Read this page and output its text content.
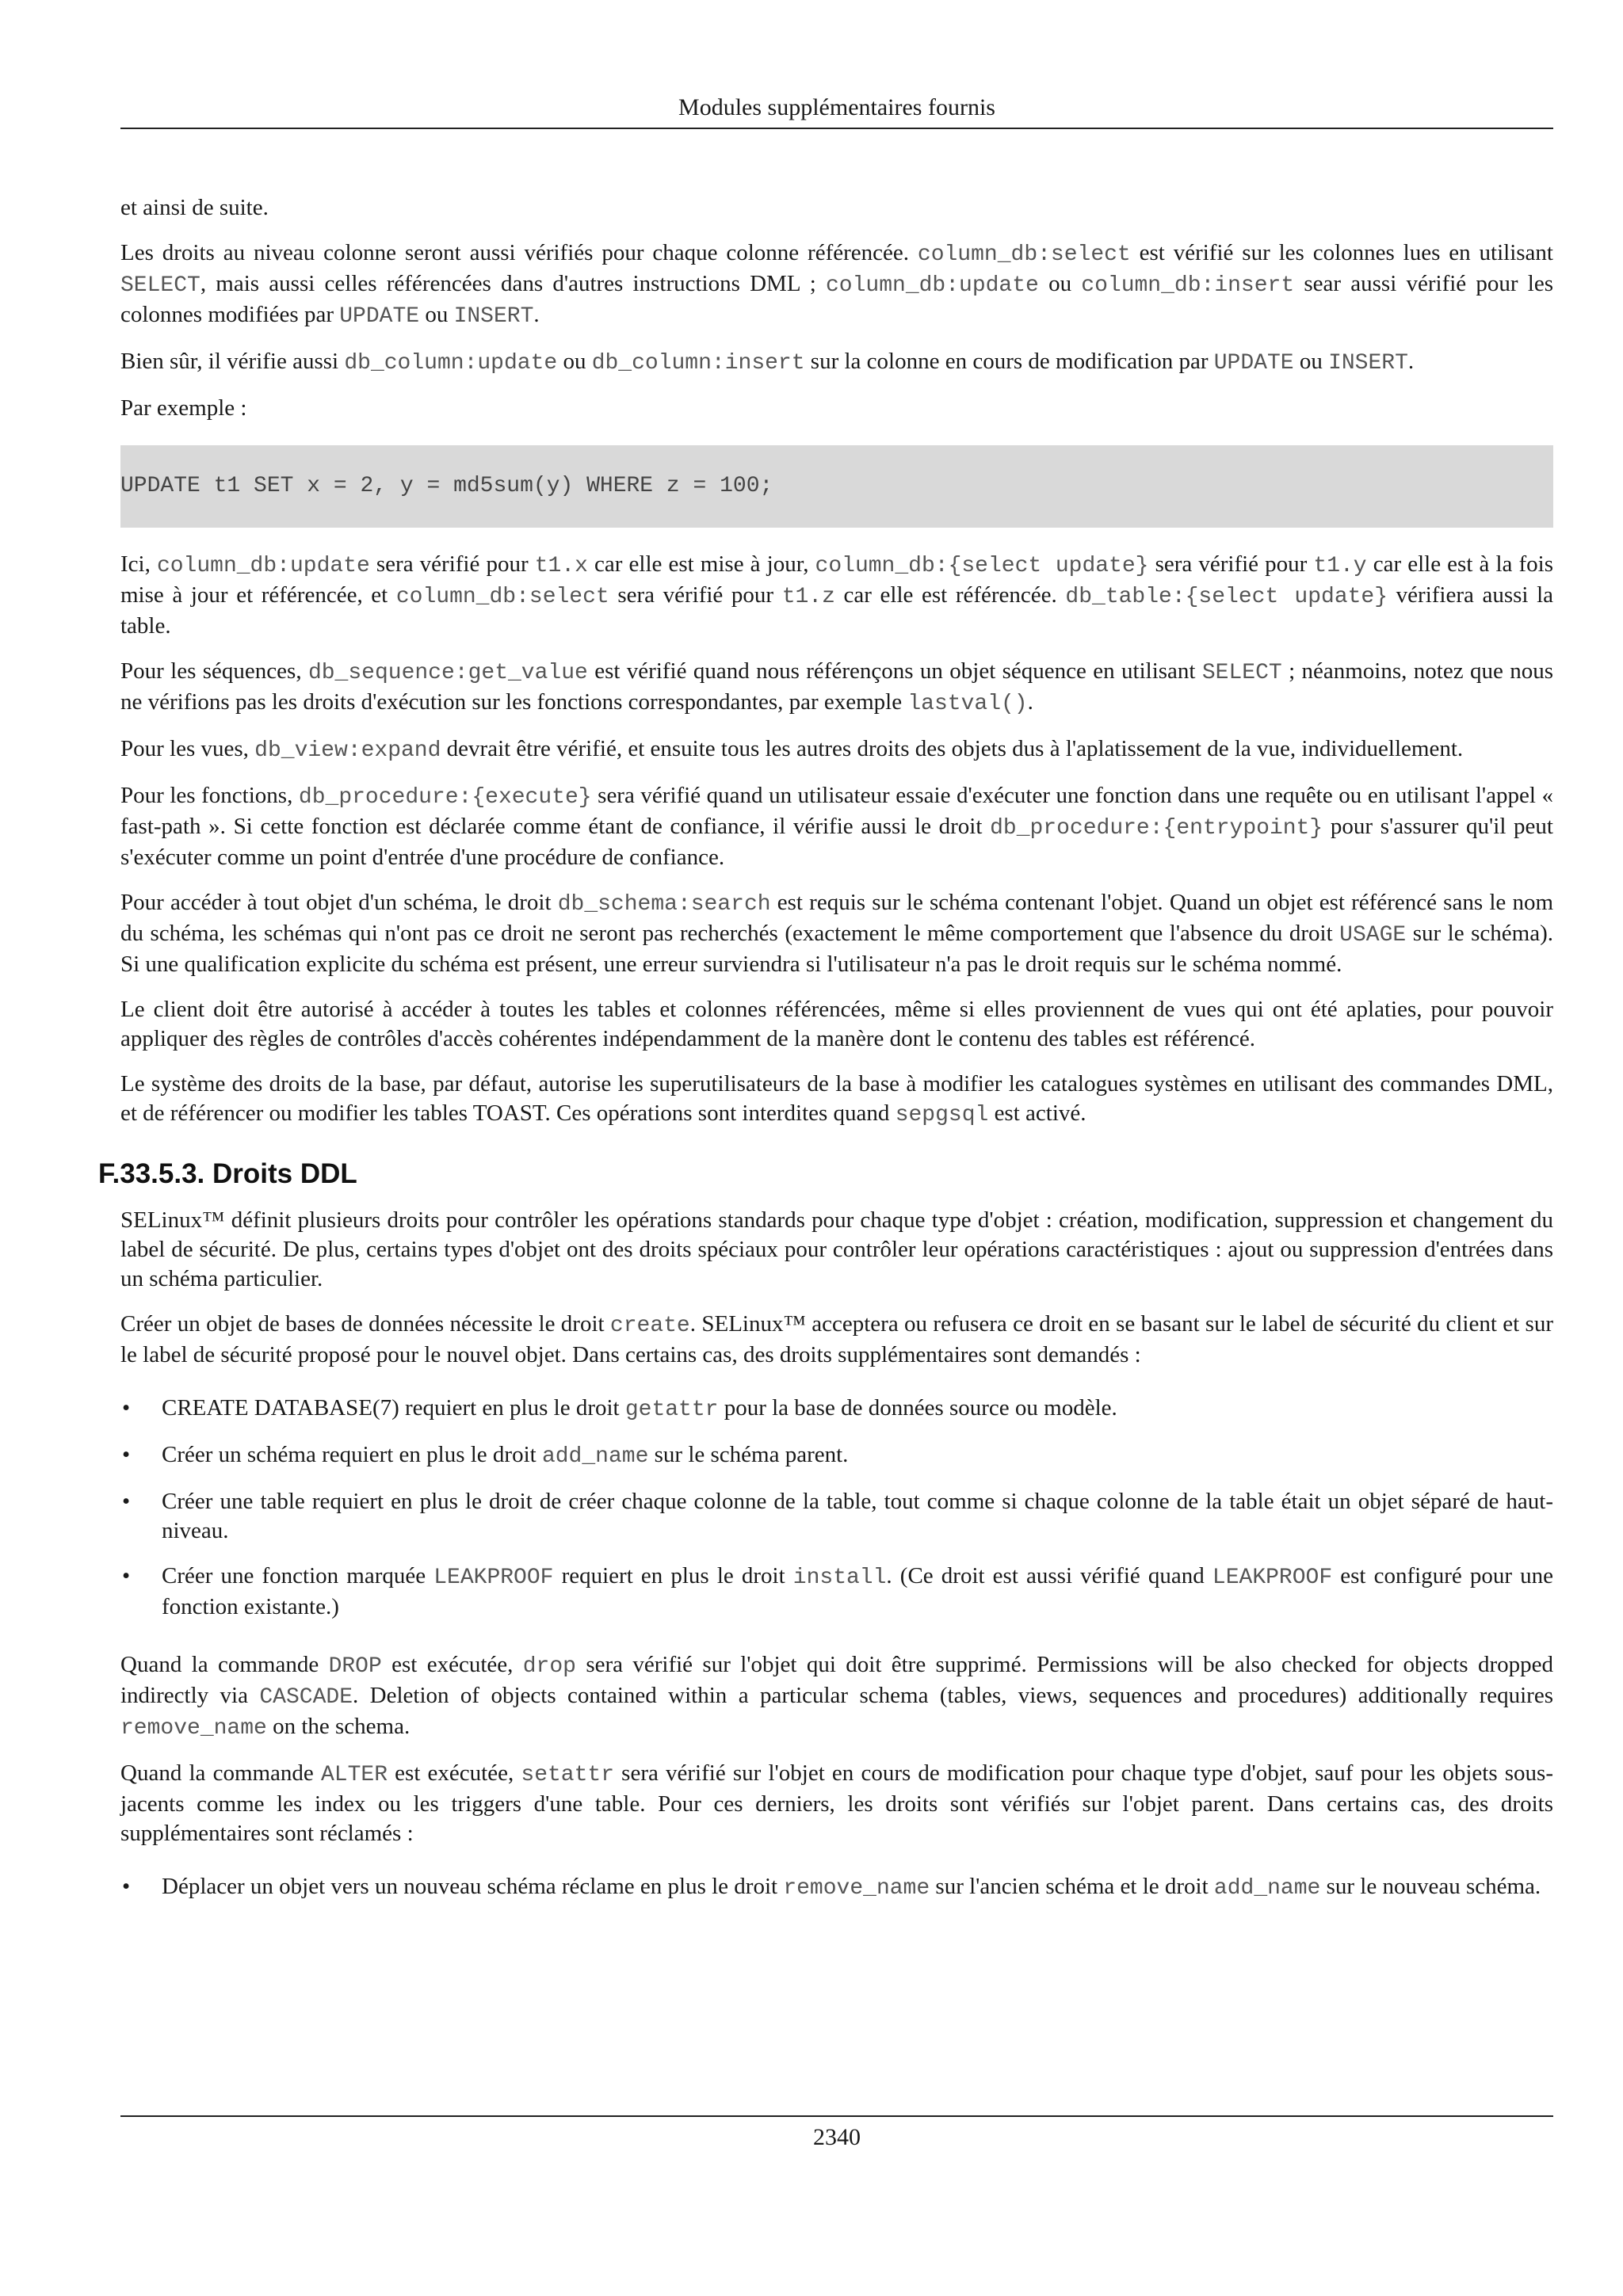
Modules supplémentaires fournis

et ainsi de suite.

Les droits au niveau colonne seront aussi vérifiés pour chaque colonne référencée. column_db:select est vérifié sur les colonnes lues en utilisant SELECT, mais aussi celles référencées dans d'autres instructions DML ; column_db:update ou column_db:insert sear aussi vérifié pour les colonnes modifiées par UPDATE ou INSERT.

Bien sûr, il vérifie aussi db_column:update ou db_column:insert sur la colonne en cours de modification par UPDATE ou INSERT.

Par exemple :

UPDATE t1 SET x = 2, y = md5sum(y) WHERE z = 100;

Ici, column_db:update sera vérifié pour t1.x car elle est mise à jour, column_db:{select update} sera vérifié pour t1.y car elle est à la fois mise à jour et référencée, et column_db:select sera vérifié pour t1.z car elle est référencée. db_table:{select update} vérifiera aussi la table.

Pour les séquences, db_sequence:get_value est vérifié quand nous référençons un objet séquence en utilisant SELECT ; néanmoins, notez que nous ne vérifions pas les droits d'exécution sur les fonctions correspondantes, par exemple lastval().

Pour les vues, db_view:expand devrait être vérifié, et ensuite tous les autres droits des objets dus à l'aplatissement de la vue, individuellement.

Pour les fonctions, db_procedure:{execute} sera vérifié quand un utilisateur essaie d'exécuter une fonction dans une requête ou en utilisant l'appel « fast-path ». Si cette fonction est déclarée comme étant de confiance, il vérifie aussi le droit db_procedure:{entrypoint} pour s'assurer qu'il peut s'exécuter comme un point d'entrée d'une procédure de confiance.

Pour accéder à tout objet d'un schéma, le droit db_schema:search est requis sur le schéma contenant l'objet. Quand un objet est référencé sans le nom du schéma, les schémas qui n'ont pas ce droit ne seront pas recherchés (exactement le même comportement que l'absence du droit USAGE sur le schéma). Si une qualification explicite du schéma est présent, une erreur surviendra si l'utilisateur n'a pas le droit requis sur le schéma nommé.

Le client doit être autorisé à accéder à toutes les tables et colonnes référencées, même si elles proviennent de vues qui ont été aplaties, pour pouvoir appliquer des règles de contrôles d'accès cohérentes indépendamment de la manère dont le contenu des tables est référencé.

Le système des droits de la base, par défaut, autorise les superutilisateurs de la base à modifier les catalogues systèmes en utilisant des commandes DML, et de référencer ou modifier les tables TOAST. Ces opérations sont interdites quand sepgsql est activé.

F.33.5.3. Droits DDL

SELinux™ définit plusieurs droits pour contrôler les opérations standards pour chaque type d'objet : création, modification, suppression et changement du label de sécurité. De plus, certains types d'objet ont des droits spéciaux pour contrôler leur opérations caractéristiques : ajout ou suppression d'entrées dans un schéma particulier.

Créer un objet de bases de données nécessite le droit create. SELinux™ acceptera ou refusera ce droit en se basant sur le label de sécurité du client et sur le label de sécurité proposé pour le nouvel objet. Dans certains cas, des droits supplémentaires sont demandés :

• CREATE DATABASE(7) requiert en plus le droit getattr pour la base de données source ou modèle.
• Créer un schéma requiert en plus le droit add_name sur le schéma parent.
• Créer une table requiert en plus le droit de créer chaque colonne de la table, tout comme si chaque colonne de la table était un objet séparé de haut-niveau.
• Créer une fonction marquée LEAKPROOF requiert en plus le droit install. (Ce droit est aussi vérifié quand LEAKPROOF est configuré pour une fonction existante.)

Quand la commande DROP est exécutée, drop sera vérifié sur l'objet qui doit être supprimé. Permissions will be also checked for objects dropped indirectly via CASCADE. Deletion of objects contained within a particular schema (tables, views, sequences and procedures) additionally requires remove_name on the schema.

Quand la commande ALTER est exécutée, setattr sera vérifié sur l'objet en cours de modification pour chaque type d'objet, sauf pour les objets sous-jacents comme les index ou les triggers d'une table. Pour ces derniers, les droits sont vérifiés sur l'objet parent. Dans certains cas, des droits supplémentaires sont réclamés :

• Déplacer un objet vers un nouveau schéma réclame en plus le droit remove_name sur l'ancien schéma et le droit add_name sur le nouveau schéma.
2340
